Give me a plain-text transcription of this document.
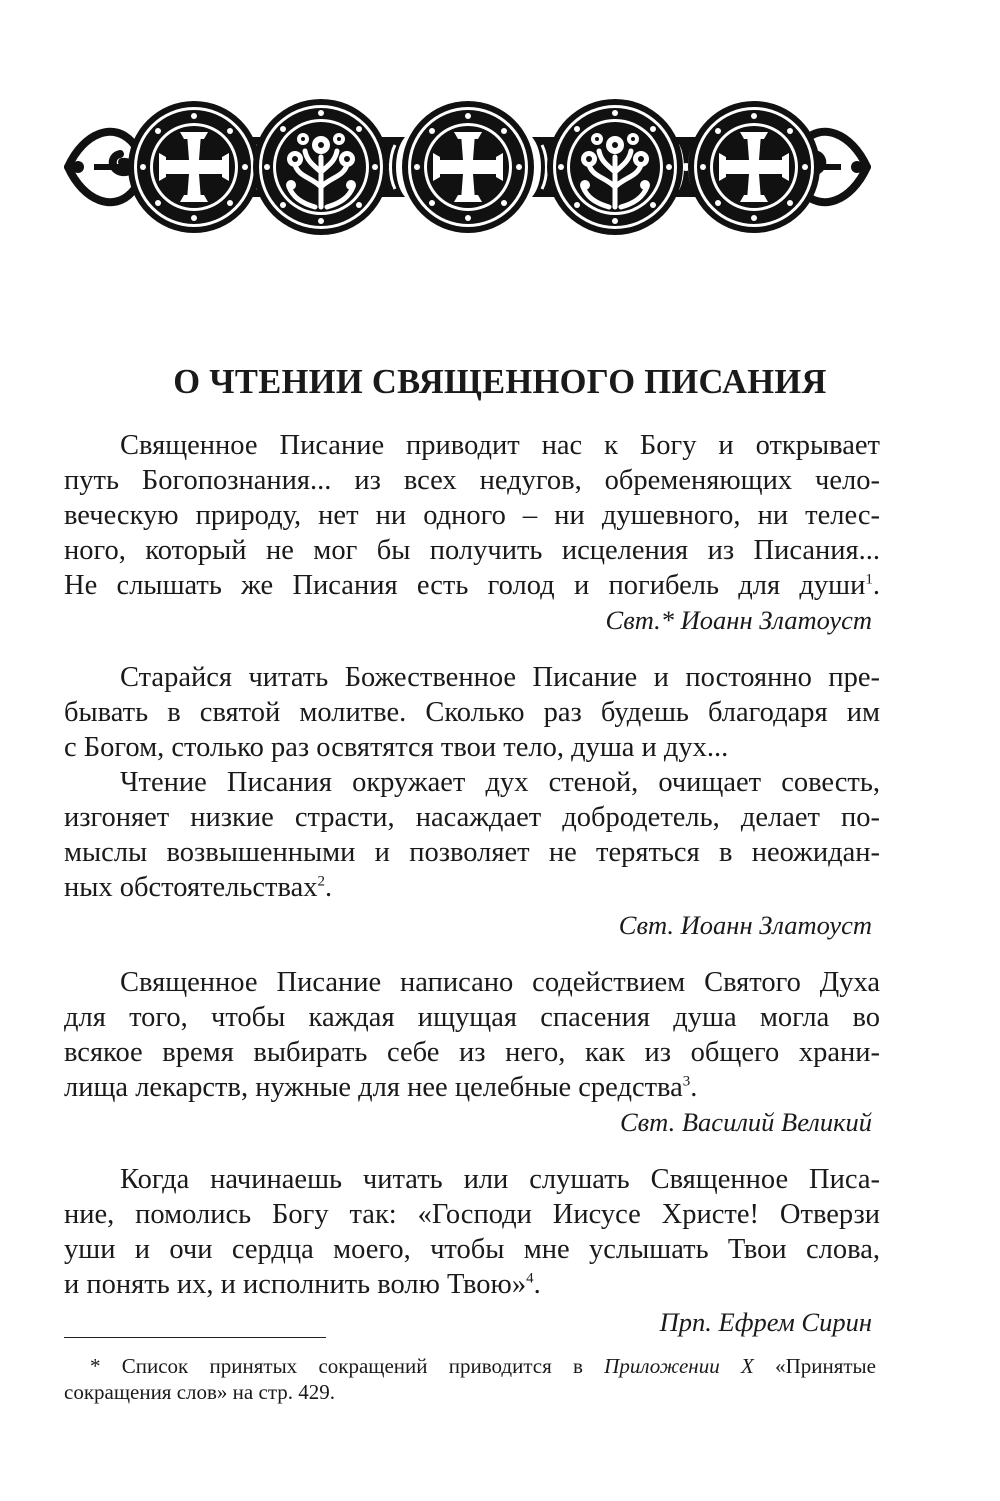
О ЧТЕНИИ СВЯЩЕННОГО ПИСАНИЯ
Священное Писание приводит нас к Богу и открывает
путь Богопознания... из всех недугов, обременяющих чело-
веческую природу, нет ни одного – ни душевного, ни телес-
ного, который не мог бы получить исцеления из Писания...
Не слышать же Писания есть голод и погибель для души$^1$.
Свт.* Иоанн Златоуст
Старайся читать Божественное Писание и постоянно пре-
бывать в святой молитве. Сколько раз будешь благодаря им
с Богом, столько раз освятятся твои тело, душа и дух...
Чтение Писания окружает дух стеной, очищает совесть,
изгоняет низкие страсти, насаждает добродетель, делает по-
мыслы возвышенными и позволяет не теряться в неожидан-
ных обстоятельствах$^2$.
Свт. Иоанн Златоуст
Священное Писание написано содействием Святого Духа
для того, чтобы каждая ищущая спасения душа могла во
всякое время выбирать себе из него, как из общего храни-
лища лекарств, нужные для нее целебные средства$^3$.
Свт. Василий Великий
Когда начинаешь читать или слушать Священное Писа-
ние, помолись Богу так: «Господи Иисусе Христе! Отверзи
уши и очи сердца моего, чтобы мне услышать Твои слова,
и понять их, и исполнить волю Твою»$^4$.
Прп. Ефрем Сирин
* Список принятых сокращений приводится в Приложении X «Принятые
сокращения слов» на стр. 429.
